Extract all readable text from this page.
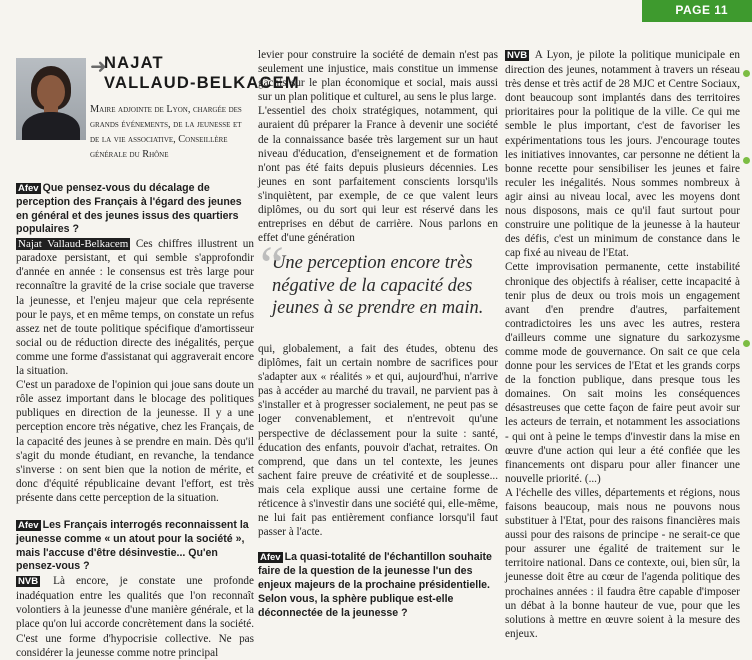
PAGE 11
➜
NAJAT
VALLAUD-BELKACEM
Maire adjointe de Lyon, chargée des grands événements, de la jeunesse et de la vie associative, Conseillère générale du Rhône

Afev Que pensez-vous du décalage de perception des Français à l'égard des jeunes en général et des jeunes issus des quartiers populaires ?

Najat Vallaud-Belkacem Ces chiffres illustrent un paradoxe persistant, et qui semble s'approfondir d'année en année : le consensus est très large pour reconnaître la gravité de la crise sociale que traverse la jeunesse, et l'enjeu majeur que cela représente pour le pays, et en même temps, on constate un refus assez net de toute politique spécifique d'amortisseur social ou de réduction directe des inégalités, perçue comme une forme d'assistanat qui aggraverait encore la situation.

C'est un paradoxe de l'opinion qui joue sans doute un rôle assez important dans le blocage des politiques publiques en direction de la jeunesse. Il y a une perception encore très négative, chez les Français, de la capacité des jeunes à se prendre en main. Dès qu'il s'agit du monde étudiant, en revanche, la tendance s'inverse : on sent bien que la notion de mérite, et donc d'équité républicaine devant l'effort, est très présente dans cette perception de la situation.

Afev Les Français interrogés reconnaissent la jeunesse comme « un atout pour la société », mais l'accuse d'être désinvestie... Qu'en pensez-vous ?

NVB Là encore, je constate une profonde inadéquation entre les qualités que l'on reconnaît volontiers à la jeunesse d'une manière générale, et la place qu'on lui accorde concrètement dans la société. C'est une forme d'hypocrisie collective. Ne pas considérer la jeunesse comme notre principal

levier pour construire la société de demain n'est pas seulement une injustice, mais constitue un immense gâchis sur le plan économique et social, mais aussi sur un plan politique et culturel, au sens le plus large.

L'essentiel des choix stratégiques, notamment, qui auraient dû préparer la France à devenir une société de la connaissance basée très largement sur un haut niveau d'éducation, d'enseignement et de formation n'ont pas été faits depuis plusieurs décennies. Les jeunes en sont parfaitement conscients lorsqu'ils s'inquiètent, par exemple, de ce que valent leurs diplômes, ou du sort qui leur est réservé dans les entreprises en début de carrière. Nous parlons en effet d'une génération

“
Une perception encore très négative de la capacité des jeunes à se prendre en main.

qui, globalement, a fait des études, obtenu des diplômes, fait un certain nombre de sacrifices pour s'adapter aux « réalités » et qui, aujourd'hui, n'arrive pas à accéder au marché du travail, ne parvient pas à s'installer et à progresser socialement, ne peut pas se loger convenablement, et n'entrevoit qu'une perspective de déclassement pour la suite : santé, éducation des enfants, pouvoir d'achat, retraites. On comprend, que dans un tel contexte, les jeunes sachent faire preuve de créativité et de souplesse... mais cela explique aussi une certaine forme de réticence à s'investir dans une société qui, elle-même, ne lui fait pas entièrement confiance lorsqu'il faut passer à l'acte.

Afev La quasi-totalité de l'échantillon souhaite faire de la question de la jeunesse l'un des enjeux majeurs de la prochaine présidentielle. Selon vous, la sphère publique est-elle déconnectée de la jeunesse ?

NVB A Lyon, je pilote la politique municipale en direction des jeunes, notamment à travers un réseau très dense et très actif de 28 MJC et Centre Sociaux, dont beaucoup sont implantés dans des territoires prioritaires pour la politique de la ville. Ce qui me semble le plus important, c'est de favoriser les expérimentations tous les jours. J'encourage toutes les initiatives innovantes, car personne ne détient la bonne recette pour sensibiliser les jeunes et faire reculer les inégalités. Nous sommes nombreux à agir ainsi au niveau local, avec les moyens dont nous disposons, mais ce qu'il faut surtout pour construire une politique de la jeunesse à la hauteur des défis, c'est un minimum de constance dans le cap fixé au niveau de l'Etat.

Cette improvisation permanente, cette instabilité chronique des objectifs à réaliser, cette incapacité à tenir plus de deux ou trois mois un engagement avant d'en prendre d'autres, parfaitement contradictoires les uns avec les autres, restera d'ailleurs comme une signature du sarkozysme comme mode de gouvernance. On sait ce que cela donne pour les services de l'Etat et les grands corps de la fonction publique, dans presque tous les domaines. On sait moins les conséquences désastreuses que cette façon de faire peut avoir sur les acteurs de terrain, et notamment les associations - qui ont à peine le temps d'investir dans la mise en œuvre d'une action qui leur a été confiée que les financements ont disparu pour aller financer une nouvelle priorité. (...)

A l'échelle des villes, départements et régions, nous faisons beaucoup, mais nous ne pouvons nous substituer à l'Etat, pour des raisons financières mais aussi pour des raisons de principe - ne serait-ce que pour assurer une égalité de traitement sur le territoire national. Dans ce contexte, oui, bien sûr, la jeunesse doit être au cœur de l'agenda politique des prochaines années : il faudra être capable d'imposer un débat à la bonne hauteur de vue, pour que les solutions à mettre en œuvre soient à la mesure des enjeux.
